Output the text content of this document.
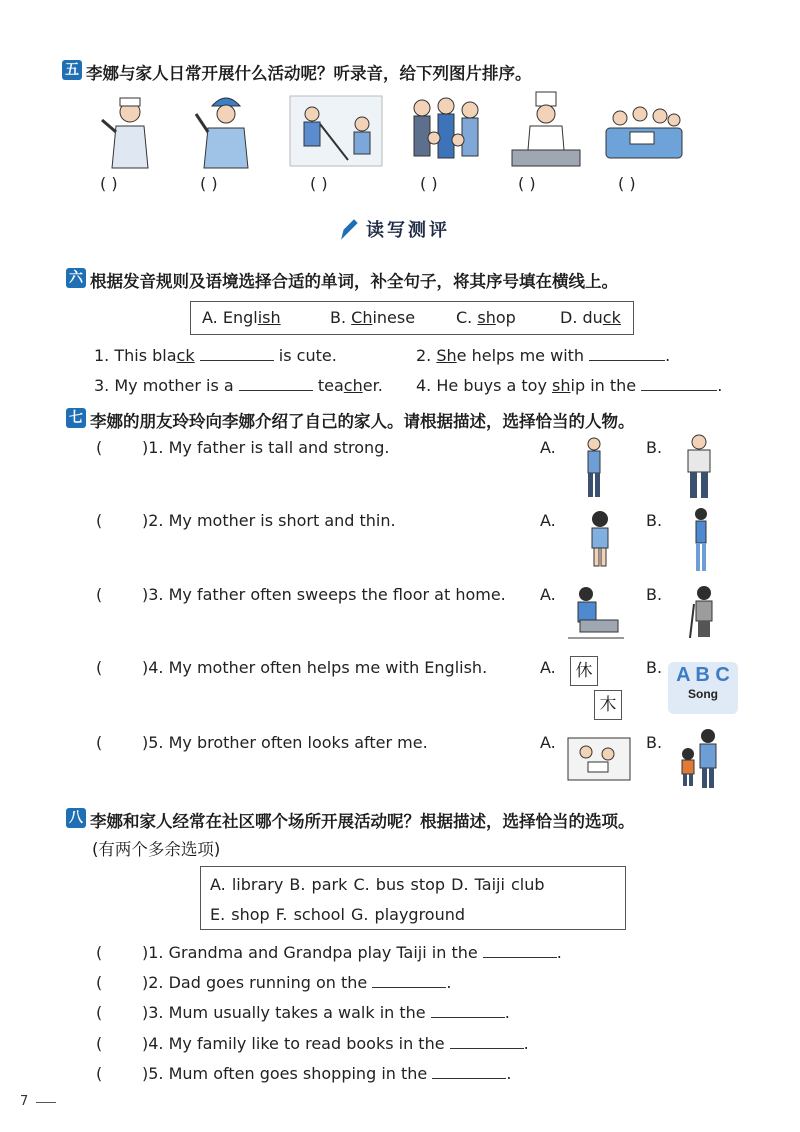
五 李娜与家人日常开展什么活动呢？听录音，给下列图片排序。
( )	( )	( )	( )	( )	( )
读写测评
六 根据发音规则及语境选择合适的单词，补全句子，将其序号填在横线上。
A. English	B. Chinese	C. shop	D. duck
1. This black	is cute.	2. She helps me with	.
3. My mother is a	teacher. 4. He buys a toy ship in the	.
七 李娜的朋友玲玲向李娜介绍了自己的家人。请根据描述，选择恰当的人物。
( )1. My father is tall and strong.
( )2. My mother is short and thin.
( )3. My father often sweeps the floor at home.
( )4. My mother often helps me with English.
( )5. My brother often looks after me.
A.	B.
A.	B.
A.	B.
A.	B.
A.	B.
休
木
A B C
Song
八 李娜和家人经常在社区哪个场所开展活动呢？根据描述，选择恰当的选项。
(有两个多余选项)
A. library B. park C. bus stop D. Taiji club
E. shop F. school G. playground
( )1. Grandma and Grandpa play Taiji in the	.
( )2. Dad goes running on the	.
( )3. Mum usually takes a walk in the	.
( )4. My family like to read books in the	.
( )5. Mum often goes shopping in the	.
7
